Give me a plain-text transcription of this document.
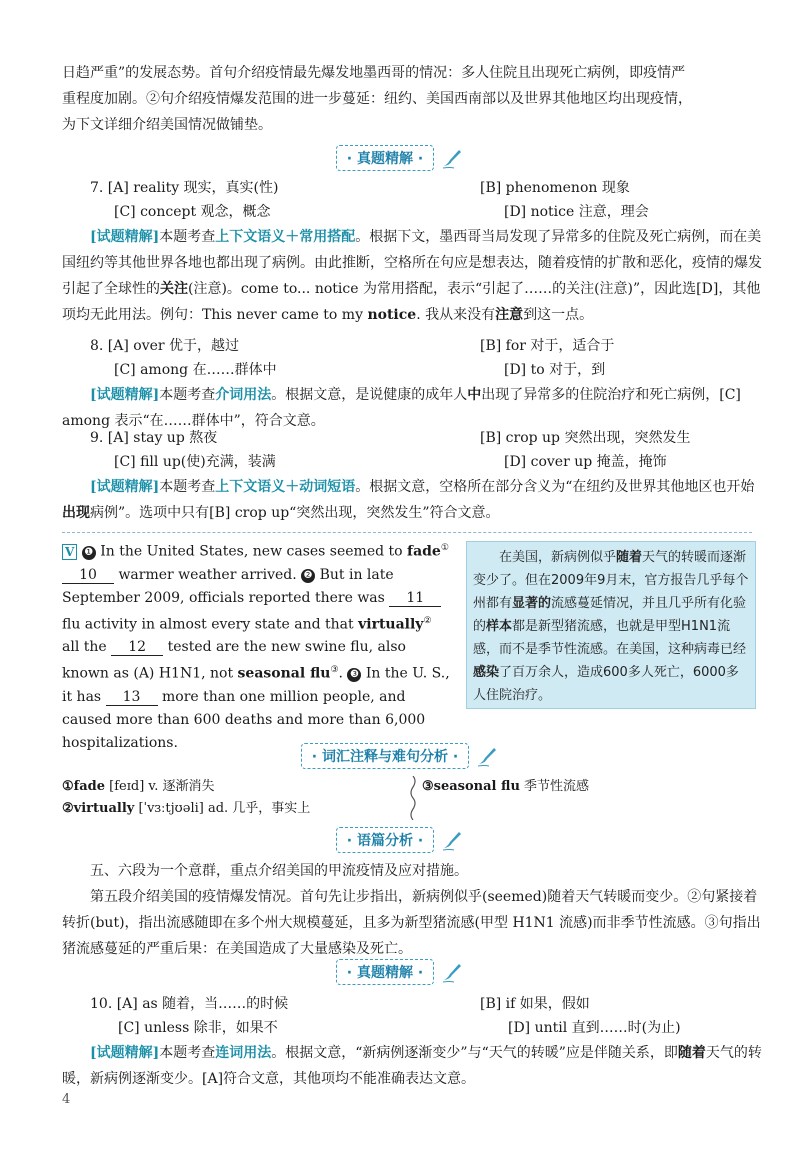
日趋严重”的发展态势。首句介绍疫情最先爆发地墨西哥的情况：多人住院且出现死亡病例，即疫情严

重程度加剧。②句介绍疫情爆发范围的进一步蔓延：纽约、美国西南部以及世界其他地区均出现疫情，

为下文详细介绍美国情况做铺垫。

· 真题精解 ·
7. [A] reality 现实，真实(性)	[B] phenomenon 现象
[C] concept 观念，概念	[D] notice 注意，理会

[试题精解]本题考查上下文语义＋常用搭配。根据下文，墨西哥当局发现了异常多的住院及死亡病例，而在美国纽约等其他世界各地也都出现了病例。由此推断，空格所在句应是想表达，随着疫情的扩散和恶化，疫情的爆发引起了全球性的关注(注意)。come to... notice 为常用搭配，表示“引起了……的关注(注意)”，因此选[D]，其他项均无此用法。例句：This never came to my notice. 我从来没有注意到这一点。

8. [A] over 优于，越过	[B] for 对于，适合于
[C] among 在……群体中	[D] to 对于，到

[试题精解]本题考查介词用法。根据文意，是说健康的成年人中出现了异常多的住院治疗和死亡病例，[C] among 表示“在……群体中”，符合文意。

9. [A] stay up 熬夜	[B] crop up 突然出现，突然发生
[C] fill up(使)充满，装满	[D] cover up 掩盖，掩饰

[试题精解]本题考查上下文语义＋动词短语。根据文意，空格所在部分含义为“在纽约及世界其他地区也开始出现病例”。选项中只有[B] crop up“突然出现，突然发生”符合文意。

V ❶ In the United States, new cases seemed to fade① 10 warmer weather arrived. ❷ But in late September 2009, officials reported there was 11 flu activity in almost every state and that virtually② all the 12 tested are the new swine flu, also known as (A) H1N1, not seasonal flu③. ❸ In the U. S., it has 13 more than one million people, and caused more than 600 deaths and more than 6,000 hospitalizations.
在美国，新病例似乎随着天气的转暖而逐渐变少了。但在2009年9月末，官方报告几乎每个州都有显著的流感蔓延情况，并且几乎所有化验的样本都是新型猪流感，也就是甲型H1N1流感，而不是季节性流感。在美国，这种病毒已经感染了百万余人，造成600多人死亡，6000多人住院治疗。
· 词汇注释与难句分析 ·
①fade [feɪd] v. 逐渐消失	③seasonal flu 季节性流感
②virtually [ˈvɜːtjʊəli] ad. 几乎，事实上
· 语篇分析 ·

五、六段为一个意群，重点介绍美国的甲流疫情及应对措施。

第五段介绍美国的疫情爆发情况。首句先让步指出，新病例似乎(seemed)随着天气转暖而变少。②句紧接着转折(but)，指出流感随即在多个州大规模蔓延，且多为新型猪流感(甲型 H1N1 流感)而非季节性流感。③句指出猪流感蔓延的严重后果：在美国造成了大量感染及死亡。

· 真题精解 ·
10. [A] as 随着，当……的时候	[B] if 如果，假如
[C] unless 除非，如果不	[D] until 直到……时(为止)

[试题精解]本题考查连词用法。根据文意，“新病例逐渐变少”与“天气的转暖”应是伴随关系，即随着天气的转暖，新病例逐渐变少。[A]符合文意，其他项均不能准确表达文意。

4
